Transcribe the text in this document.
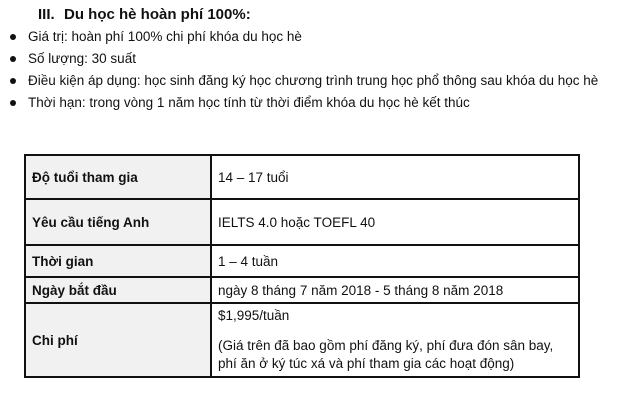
III. Du học hè hoàn phí 100%:
Giá trị: hoàn phí 100% chi phí khóa du học hè
Số lượng: 30 suất
Điều kiện áp dụng: học sinh đăng ký học chương trình trung học phổ thông sau khóa du học hè
Thời hạn: trong vòng 1 năm học tính từ thời điểm khóa du học hè kết thúc
Độ tuổi tham gia	14 – 17 tuổi
Yêu cầu tiếng Anh	IELTS 4.0 hoặc TOEFL 40
Thời gian	1 – 4 tuần
Ngày bắt đầu	ngày 8 tháng 7 năm 2018 - 5 tháng 8 năm 2018
Chi phí	$1,995/tuần
(Giá trên đã bao gồm phí đăng ký, phí đưa đón sân bay, phí ăn ở ký túc xá và phí tham gia các hoạt động)
